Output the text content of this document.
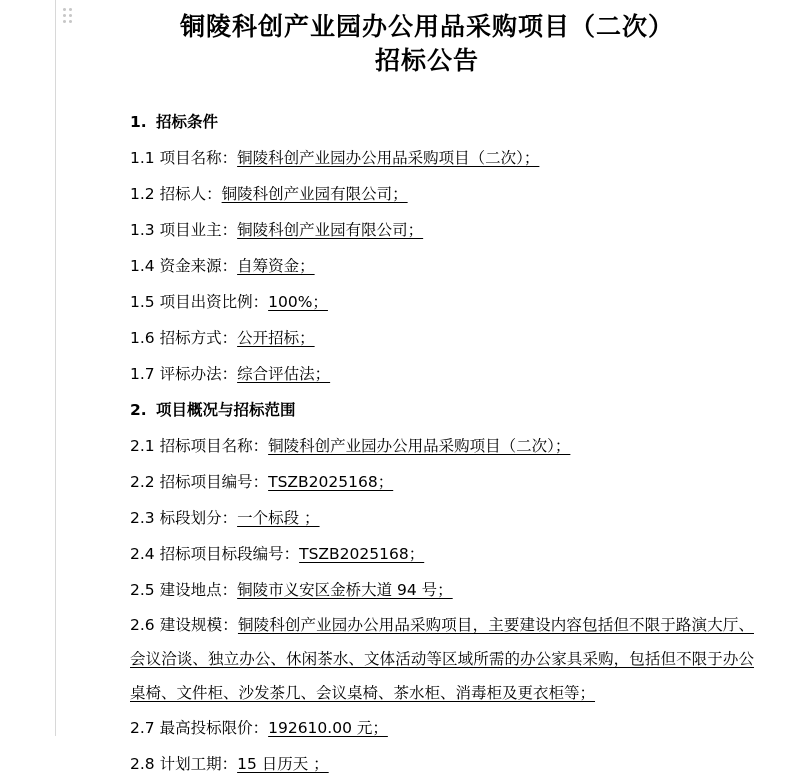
铜陵科创产业园办公用品采购项目（二次）
招标公告

1. 招标条件

1.1 项目名称：铜陵科创产业园办公用品采购项目（二次）；

1.2 招标人：铜陵科创产业园有限公司；

1.3 项目业主：铜陵科创产业园有限公司；

1.4 资金来源：自筹资金；

1.5 项目出资比例：100%；

1.6 招标方式：公开招标；

1.7 评标办法：综合评估法；

2. 项目概况与招标范围

2.1 招标项目名称：铜陵科创产业园办公用品采购项目（二次）；

2.2 招标项目编号：TSZB2025168；

2.3 标段划分：一个标段 ；

2.4 招标项目标段编号：TSZB2025168；

2.5 建设地点：铜陵市义安区金桥大道 94 号；

2.6 建设规模：铜陵科创产业园办公用品采购项目，主要建设内容包括但不限于路演大厅、会议洽谈、独立办公、休闲茶水、文体活动等区域所需的办公家具采购，包括但不限于办公桌椅、文件柜、沙发茶几、会议桌椅、茶水柜、消毒柜及更衣柜等；

2.7 最高投标限价：192610.00 元；

2.8 计划工期：15 日历天 ；
